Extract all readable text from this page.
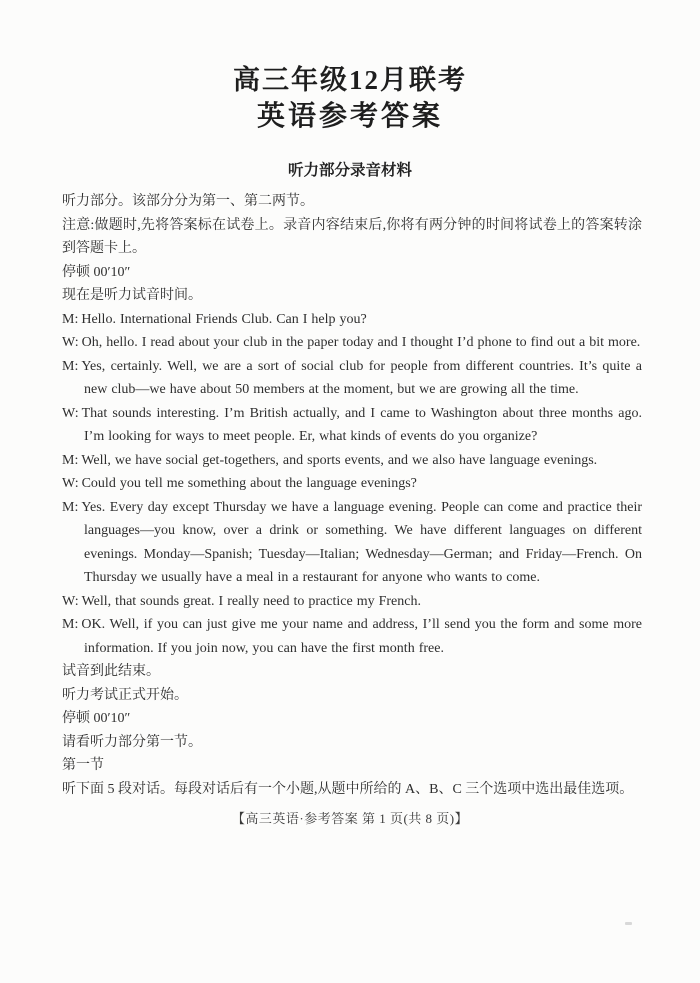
高三年级12月联考
英语参考答案
听力部分录音材料

听力部分。该部分分为第一、第二两节。

注意:做题时,先将答案标在试卷上。录音内容结束后,你将有两分钟的时间将试卷上的答案转涂到答题卡上。

停顿 00′10″

现在是听力试音时间。

M: Hello. International Friends Club. Can I help you?

W: Oh, hello. I read about your club in the paper today and I thought I’d phone to find out a bit more.

M: Yes, certainly. Well, we are a sort of social club for people from different countries. It’s quite a new club—we have about 50 members at the moment, but we are growing all the time.

W: That sounds interesting. I’m British actually, and I came to Washington about three months ago. I’m looking for ways to meet people. Er, what kinds of events do you organize?

M: Well, we have social get-togethers, and sports events, and we also have language evenings.

W: Could you tell me something about the language evenings?

M: Yes. Every day except Thursday we have a language evening. People can come and practice their languages—you know, over a drink or something. We have different languages on different evenings. Monday—Spanish; Tuesday—Italian; Wednesday—German; and Friday—French. On Thursday we usually have a meal in a restaurant for anyone who wants to come.

W: Well, that sounds great. I really need to practice my French.

M: OK. Well, if you can just give me your name and address, I’ll send you the form and some more information. If you join now, you can have the first month free.

试音到此结束。

听力考试正式开始。

停顿 00′10″

请看听力部分第一节。

第一节

听下面 5 段对话。每段对话后有一个小题,从题中所给的 A、B、C 三个选项中选出最佳选项。

【高三英语·参考答案 第 1 页(共 8 页)】
